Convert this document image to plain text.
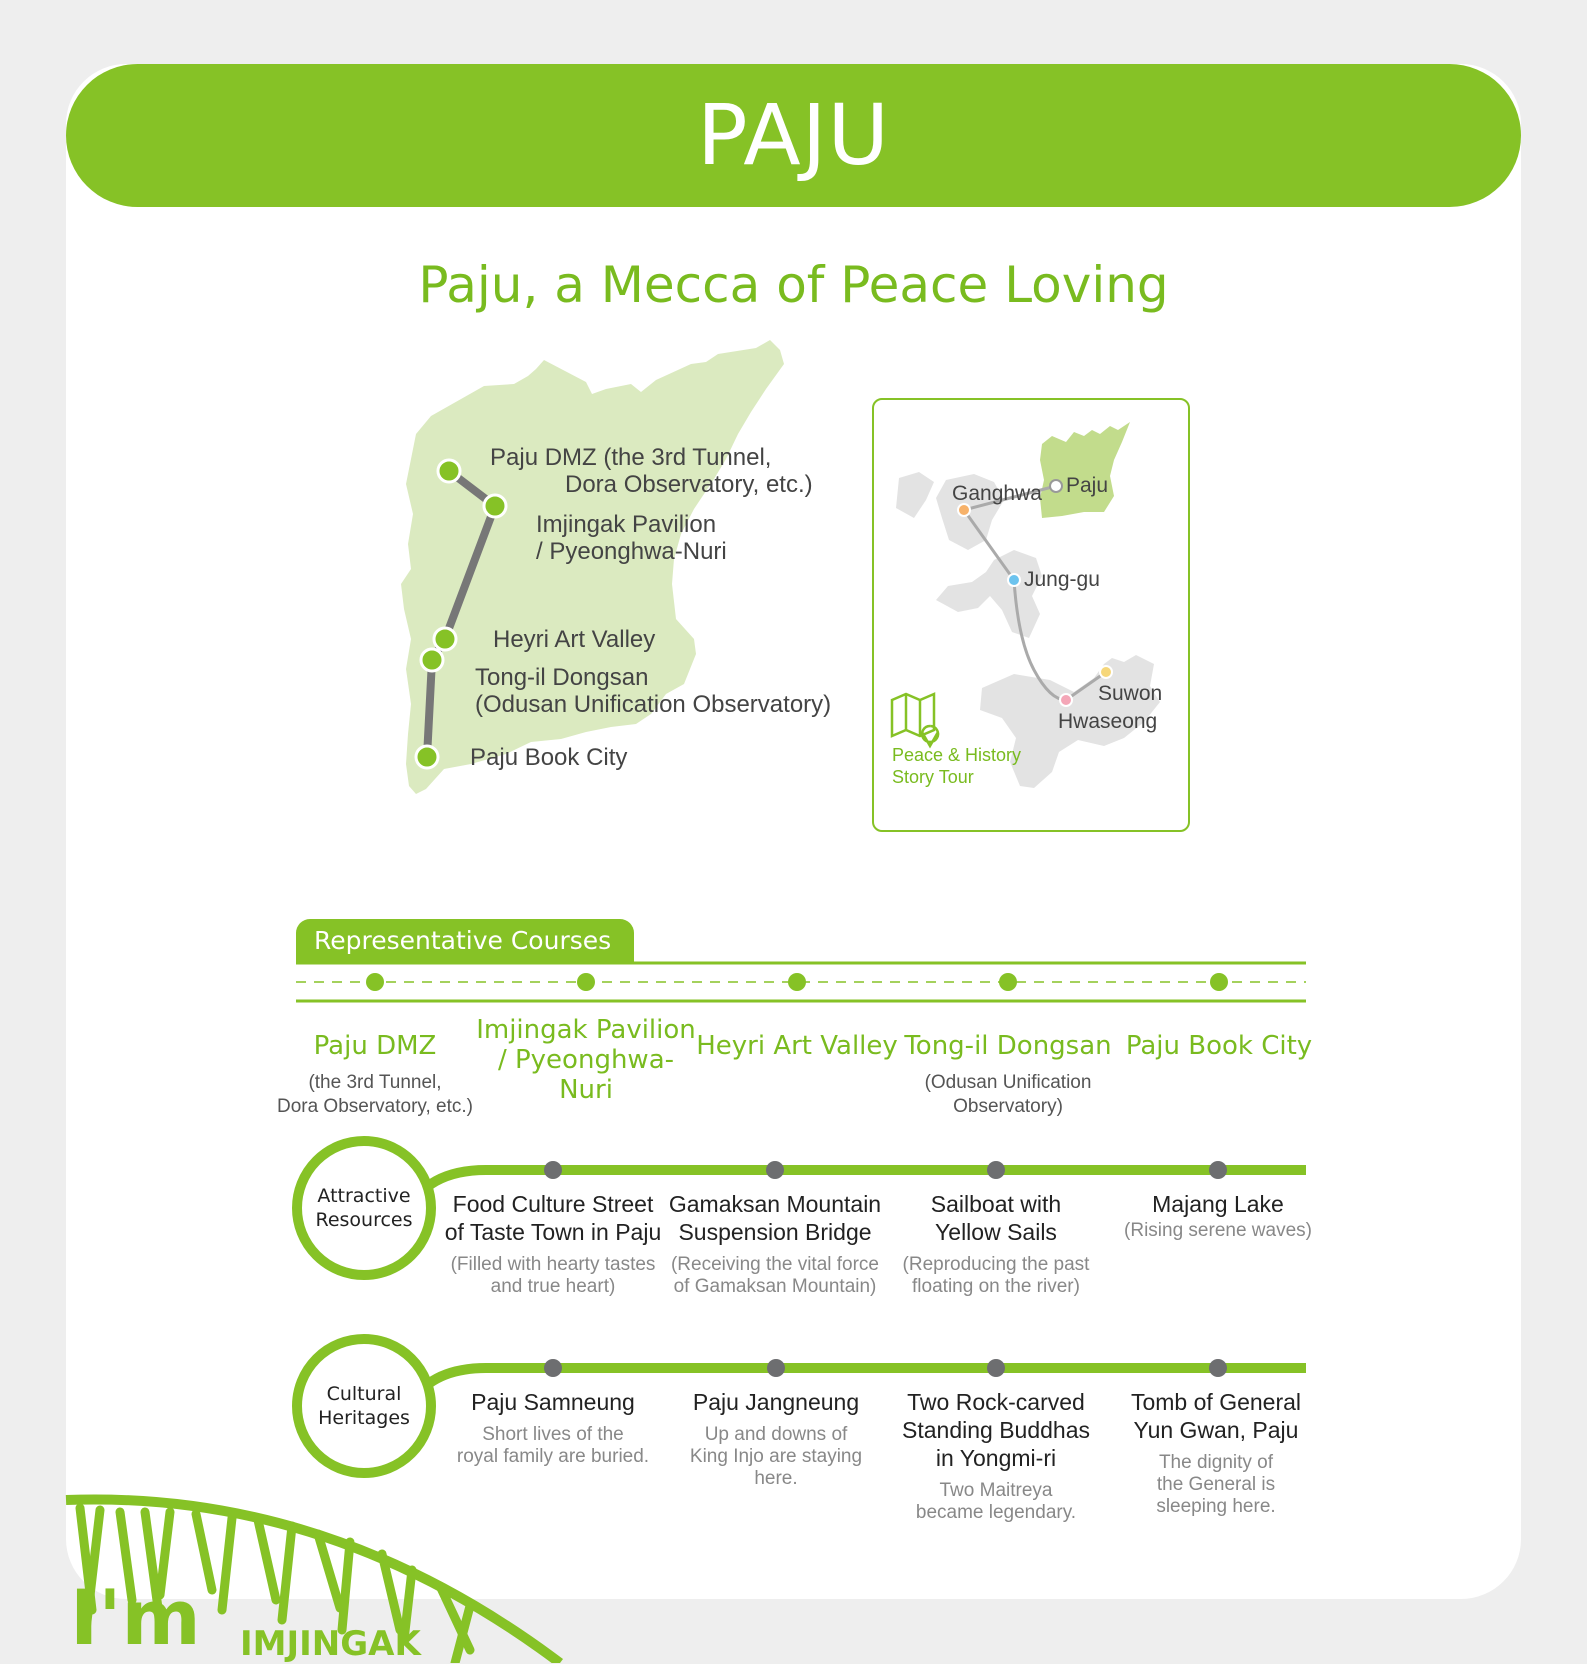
PAJU
Paju, a Mecca of Peace Loving
Paju DMZ (the 3rd Tunnel,
Dora Observatory, etc.)
Imjingak Pavilion
/ Pyeonghwa-Nuri
Heyri Art Valley
Tong-il Dongsan
(Odusan Unification Observatory)
Paju Book City
Ganghwa Paju
Jung-gu
Suwon
Hwaseong
Peace & History
Story Tour
Representative Courses
Paju DMZ
(the 3rd Tunnel,
Dora Observatory, etc.)
Imjingak Pavilion
/ Pyeonghwa-Nuri
Heyri Art Valley Tong-il Dongsan
(Odusan Unification
Observatory)
Paju Book City
Attractive
Resources
Food Culture Street
of Taste Town in Paju
(Filled with hearty tastes
and true heart)
Gamaksan Mountain
Suspension Bridge
(Receiving the vital force
of Gamaksan Mountain)
Sailboat with
Yellow Sails
(Reproducing the past
floating on the river)
Majang Lake
(Rising serene waves)
Cultural
Heritages
Paju Samneung
Short lives of the
royal family are buried.
Paju Jangneung
Up and downs of
King Injo are staying here.
Two Rock-carved
Standing Buddhas
in Yongmi-ri
Two Maitreya
became legendary.
Tomb of General
Yun Gwan, Paju
The dignity of
the General is
sleeping here.
I'm IMJINGAK
